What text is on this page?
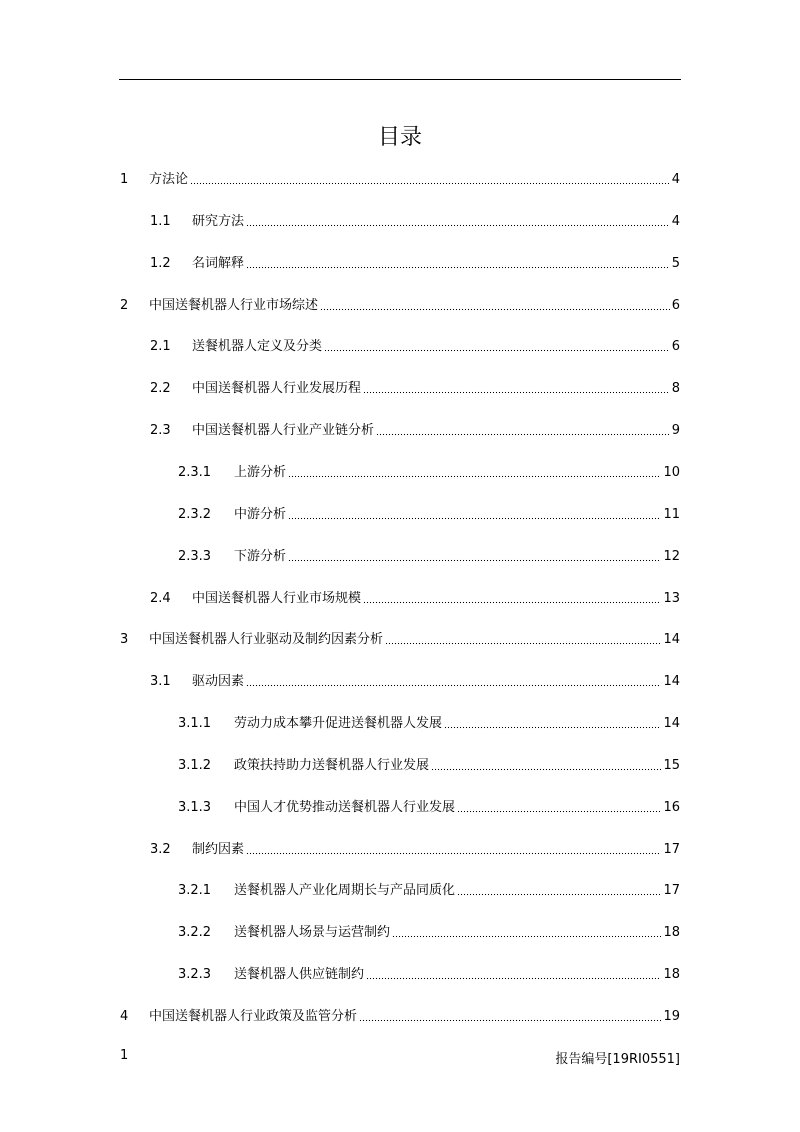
目录
1	方法论	4
1.1	研究方法	4
1.2	名词解释	5
2	中国送餐机器人行业市场综述	6
2.1	送餐机器人定义及分类	6
2.2	中国送餐机器人行业发展历程	8
2.3	中国送餐机器人行业产业链分析	9
2.3.1	上游分析	10
2.3.2	中游分析	11
2.3.3	下游分析	12
2.4	中国送餐机器人行业市场规模	13
3	中国送餐机器人行业驱动及制约因素分析	14
3.1	驱动因素	14
3.1.1	劳动力成本攀升促进送餐机器人发展	14
3.1.2	政策扶持助力送餐机器人行业发展	15
3.1.3	中国人才优势推动送餐机器人行业发展	16
3.2	制约因素	17
3.2.1	送餐机器人产业化周期长与产品同质化	17
3.2.2	送餐机器人场景与运营制约	18
3.2.3	送餐机器人供应链制约	18
4	中国送餐机器人行业政策及监管分析	19
1	报告编号[19RI0551]
